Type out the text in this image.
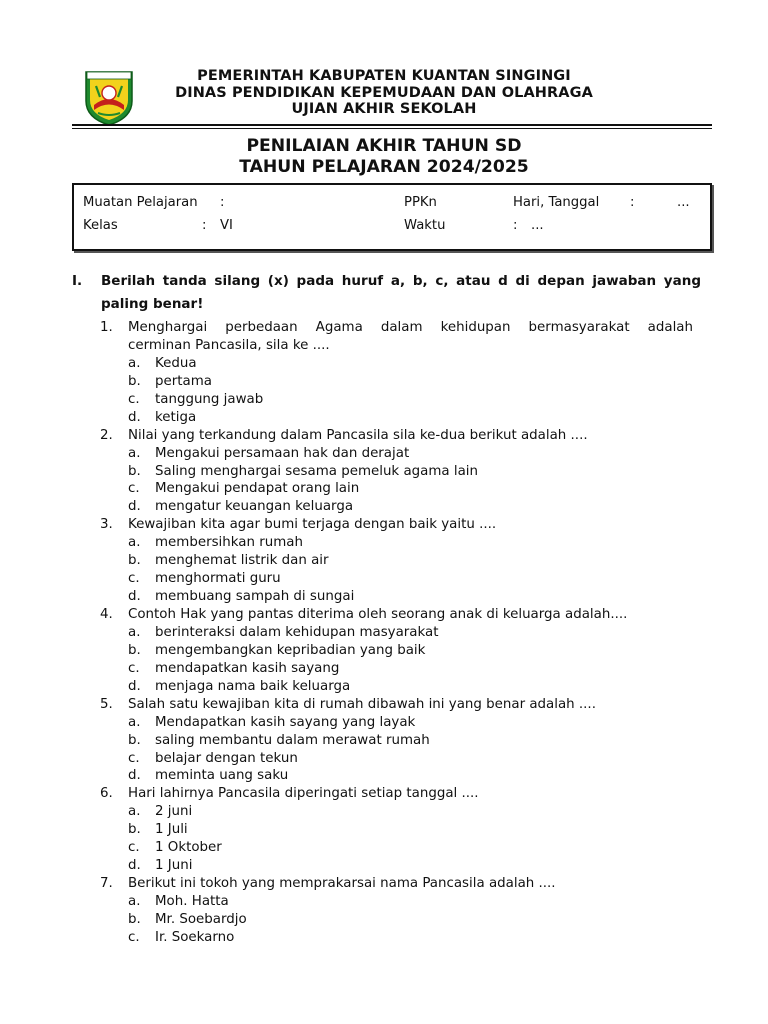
PEMERINTAH KABUPATEN KUANTAN SINGINGI
DINAS PENDIDIKAN KEPEMUDAAN DAN OLAHRAGA
UJIAN AKHIR SEKOLAH
PENILAIAN AKHIR TAHUN SD
TAHUN PELAJARAN 2024/2025
Muatan Pelajaran :	PPKn	Hari, Tanggal :	...
Kelas	: VI	Waktu	: ...
I. Berilah tanda silang (x) pada huruf a, b, c, atau d di depan jawaban yang paling benar!
1. Menghargai perbedaan Agama dalam kehidupan bermasyarakat adalah
cerminan Pancasila, sila ke ....
a. Kedua
b. pertama
c. tanggung jawab
d. ketiga
2. Nilai yang terkandung dalam Pancasila sila ke-dua berikut adalah ....
a. Mengakui persamaan hak dan derajat
b. Saling menghargai sesama pemeluk agama lain
c. Mengakui pendapat orang lain
d. mengatur keuangan keluarga
3. Kewajiban kita agar bumi terjaga dengan baik yaitu ....
a. membersihkan rumah
b. menghemat listrik dan air
c. menghormati guru
d. membuang sampah di sungai
4. Contoh Hak yang pantas diterima oleh seorang anak di keluarga adalah....
a. berinteraksi dalam kehidupan masyarakat
b. mengembangkan kepribadian yang baik
c. mendapatkan kasih sayang
d. menjaga nama baik keluarga
5. Salah satu kewajiban kita di rumah dibawah ini yang benar adalah ....
a. Mendapatkan kasih sayang yang layak
b. saling membantu dalam merawat rumah
c. belajar dengan tekun
d. meminta uang saku
6. Hari lahirnya Pancasila diperingati setiap tanggal ....
a. 2 juni
b. 1 Juli
c. 1 Oktober
d. 1 Juni
7. Berikut ini tokoh yang memprakarsai nama Pancasila adalah ....
a. Moh. Hatta
b. Mr. Soebardjo
c. Ir. Soekarno
